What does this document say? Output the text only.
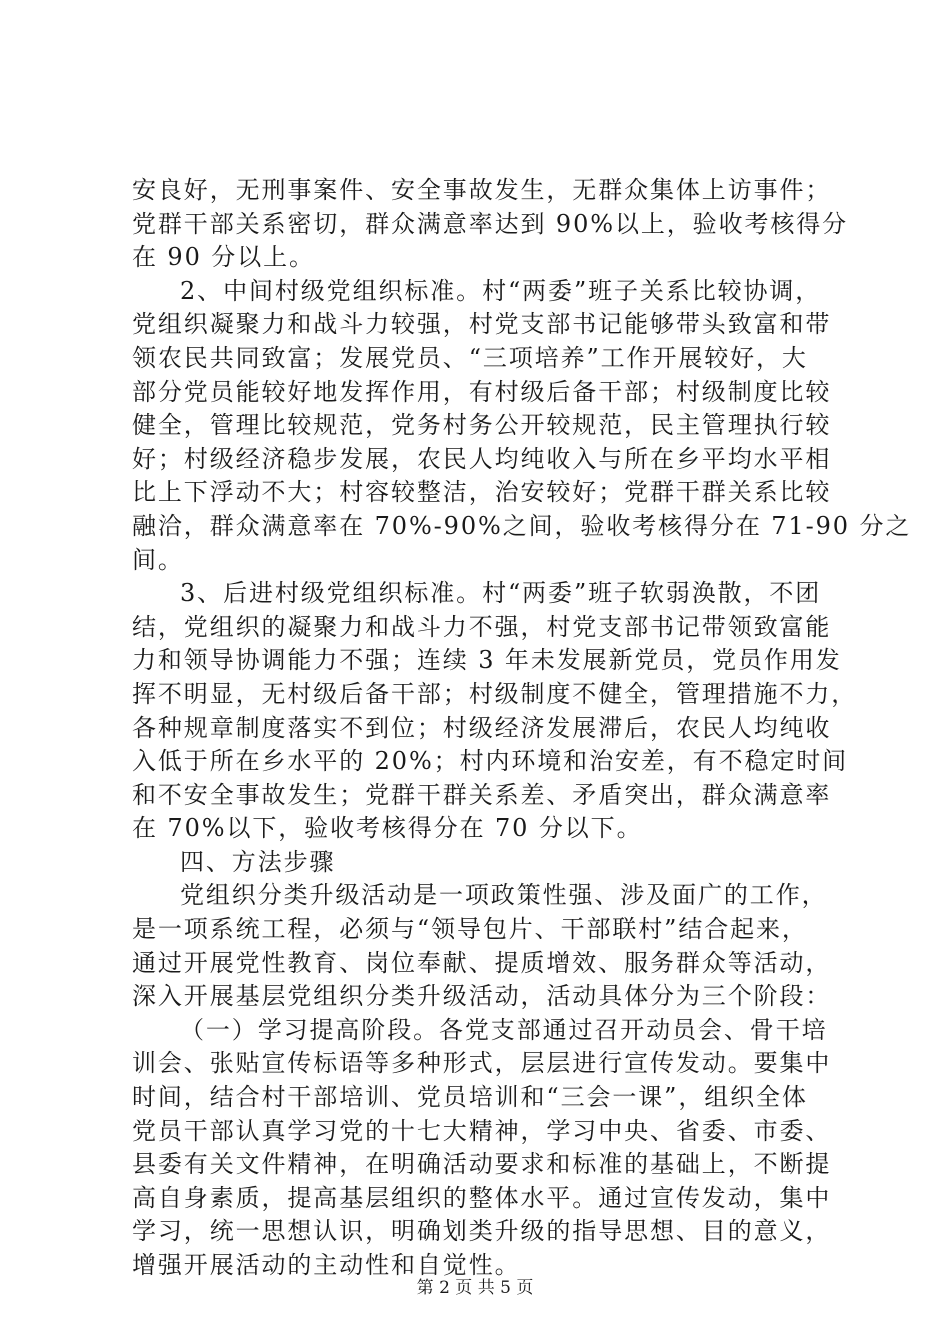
安良好，无刑事案件、安全事故发生，无群众集体上访事件；
党群干部关系密切，群众满意率达到 90%以上，验收考核得分
在 90 分以上。
2、中间村级党组织标准。村“两委”班子关系比较协调，
党组织凝聚力和战斗力较强，村党支部书记能够带头致富和带
领农民共同致富；发展党员、“三项培养”工作开展较好，大
部分党员能较好地发挥作用，有村级后备干部；村级制度比较
健全，管理比较规范，党务村务公开较规范，民主管理执行较
好；村级经济稳步发展，农民人均纯收入与所在乡平均水平相
比上下浮动不大；村容较整洁，治安较好；党群干群关系比较
融洽，群众满意率在 70%-90%之间，验收考核得分在 71-90 分之
间。
3、后进村级党组织标准。村“两委”班子软弱涣散，不团
结，党组织的凝聚力和战斗力不强，村党支部书记带领致富能
力和领导协调能力不强；连续 3 年未发展新党员，党员作用发
挥不明显，无村级后备干部；村级制度不健全，管理措施不力，
各种规章制度落实不到位；村级经济发展滞后，农民人均纯收
入低于所在乡水平的 20%；村内环境和治安差，有不稳定时间
和不安全事故发生；党群干群关系差、矛盾突出，群众满意率
在 70%以下，验收考核得分在 70 分以下。
四、方法步骤
党组织分类升级活动是一项政策性强、涉及面广的工作，
是一项系统工程，必须与“领导包片、干部联村”结合起来，
通过开展党性教育、岗位奉献、提质增效、服务群众等活动，
深入开展基层党组织分类升级活动，活动具体分为三个阶段：
（一）学习提高阶段。各党支部通过召开动员会、骨干培
训会、张贴宣传标语等多种形式，层层进行宣传发动。要集中
时间，结合村干部培训、党员培训和“三会一课”，组织全体
党员干部认真学习党的十七大精神，学习中央、省委、市委、
县委有关文件精神，在明确活动要求和标准的基础上，不断提
高自身素质，提高基层组织的整体水平。通过宣传发动，集中
学习，统一思想认识，明确划类升级的指导思想、目的意义，
增强开展活动的主动性和自觉性。
第 2 页 共 5 页
